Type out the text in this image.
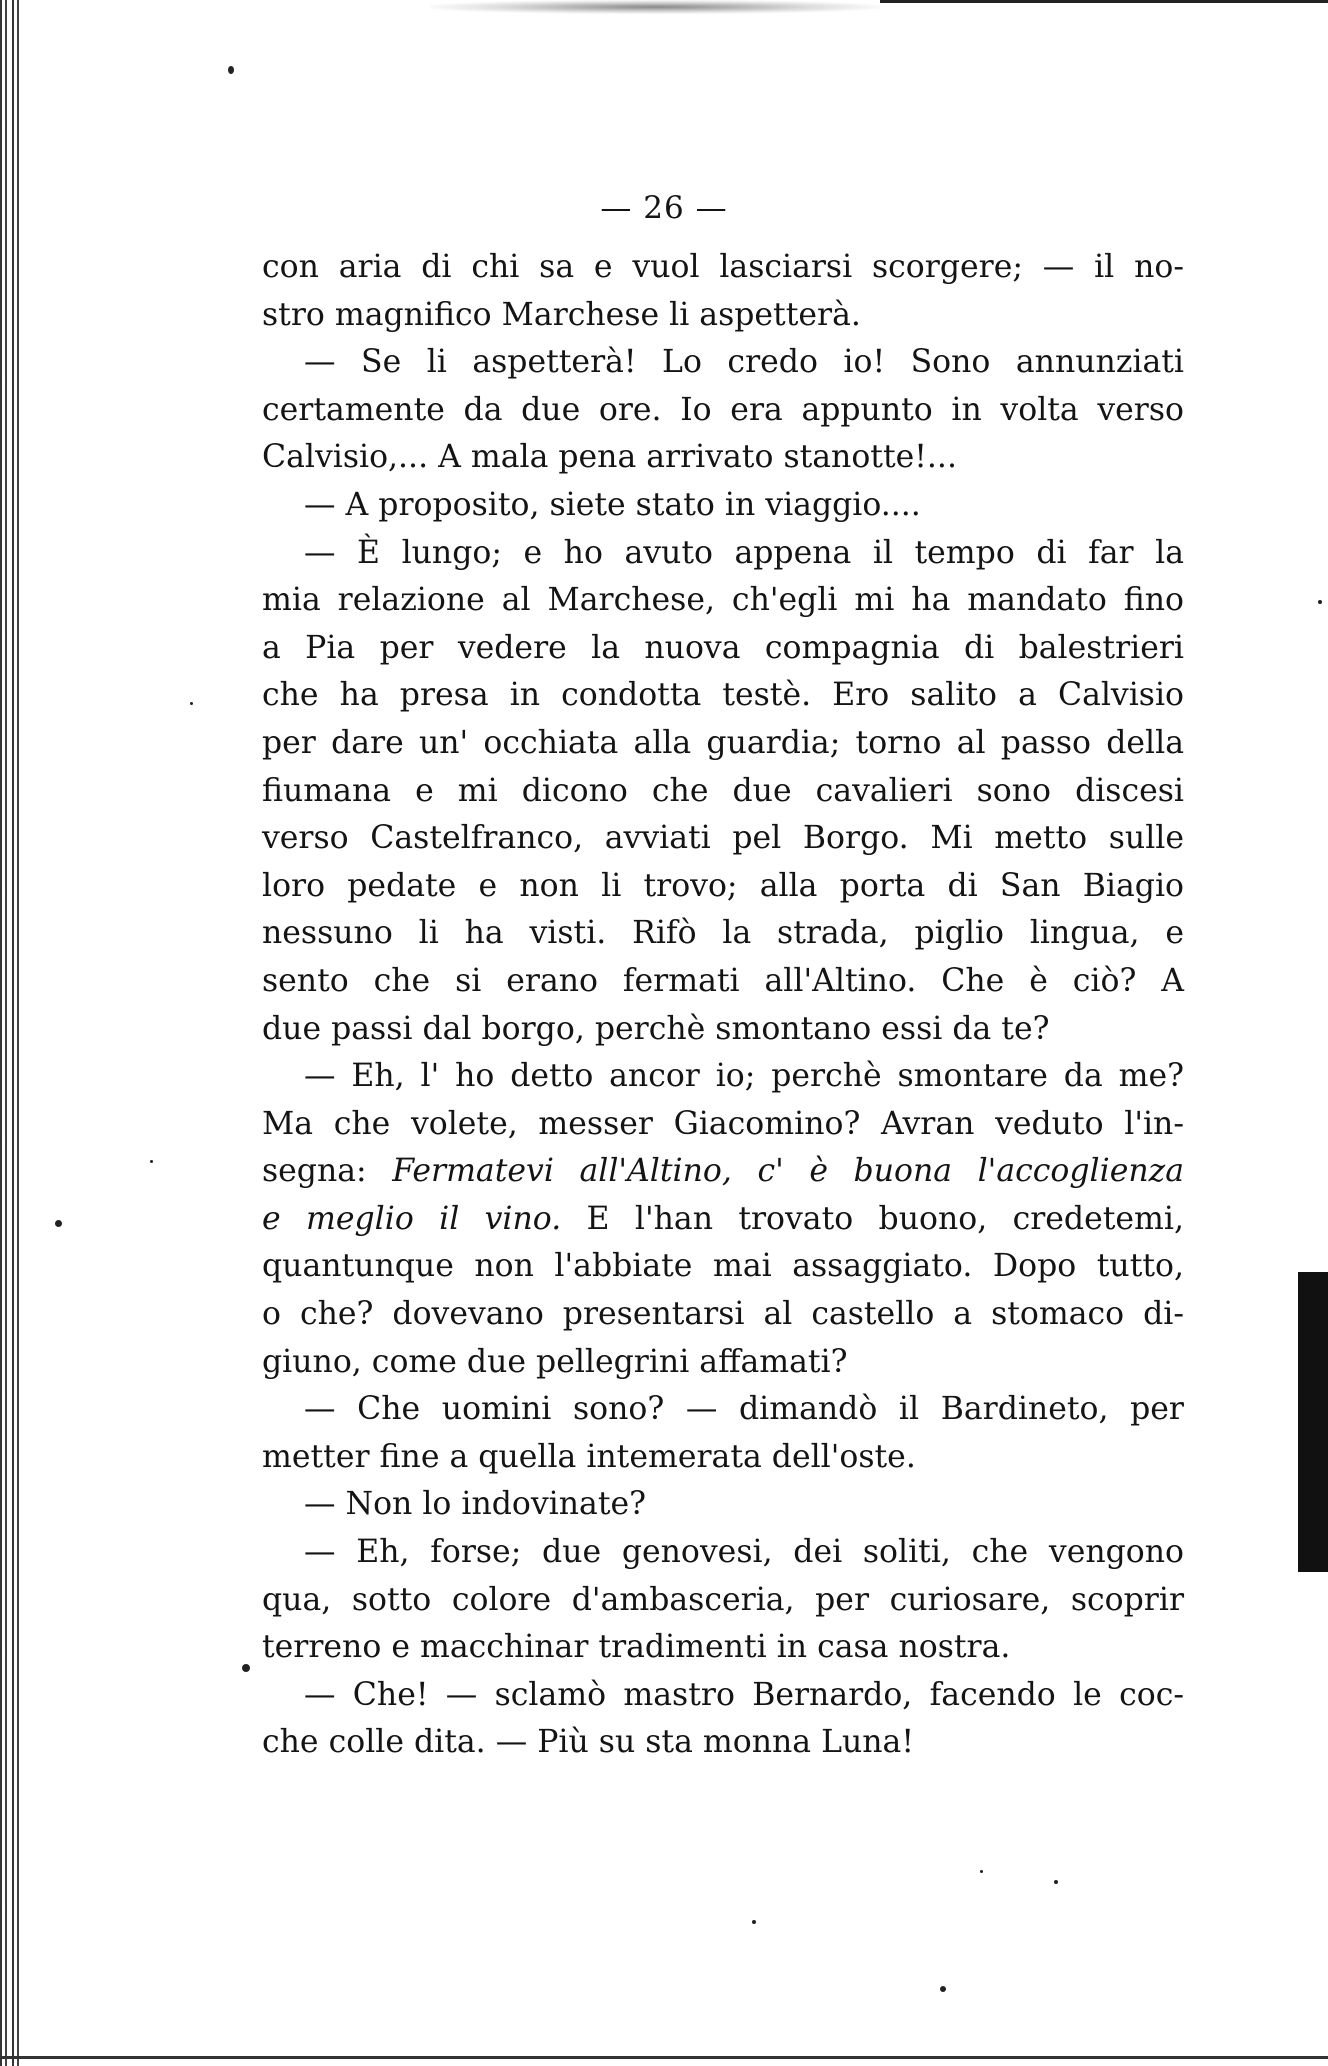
— 26 —
con aria di chi sa e vuol lasciarsi scorgere; — il no-
stro magnifico Marchese li aspetterà.
— Se li aspetterà! Lo credo io! Sono annunziati
certamente da due ore. Io era appunto in volta verso
Calvisio,... A mala pena arrivato stanotte!...
— A proposito, siete stato in viaggio....
— È lungo; e ho avuto appena il tempo di far la
mia relazione al Marchese, ch'egli mi ha mandato fino
a Pia per vedere la nuova compagnia di balestrieri
che ha presa in condotta testè. Ero salito a Calvisio
per dare un' occhiata alla guardia; torno al passo della
fiumana e mi dicono che due cavalieri sono discesi
verso Castelfranco, avviati pel Borgo. Mi metto sulle
loro pedate e non li trovo; alla porta di San Biagio
nessuno li ha visti. Rifò la strada, piglio lingua, e
sento che si erano fermati all'Altino. Che è ciò? A
due passi dal borgo, perchè smontano essi da te?
— Eh, l' ho detto ancor io; perchè smontare da me?
Ma che volete, messer Giacomino? Avran veduto l'in-
segna: Fermatevi all'Altino, c' è buona l'accoglienza
e meglio il vino. E l'han trovato buono, credetemi,
quantunque non l'abbiate mai assaggiato. Dopo tutto,
o che? dovevano presentarsi al castello a stomaco di-
giuno, come due pellegrini affamati?
— Che uomini sono? — dimandò il Bardineto, per
metter fine a quella intemerata dell'oste.
— Non lo indovinate?
— Eh, forse; due genovesi, dei soliti, che vengono
qua, sotto colore d'ambasceria, per curiosare, scoprir
terreno e macchinar tradimenti in casa nostra.
— Che! — sclamò mastro Bernardo, facendo le coc-
che colle dita. — Più su sta monna Luna!
